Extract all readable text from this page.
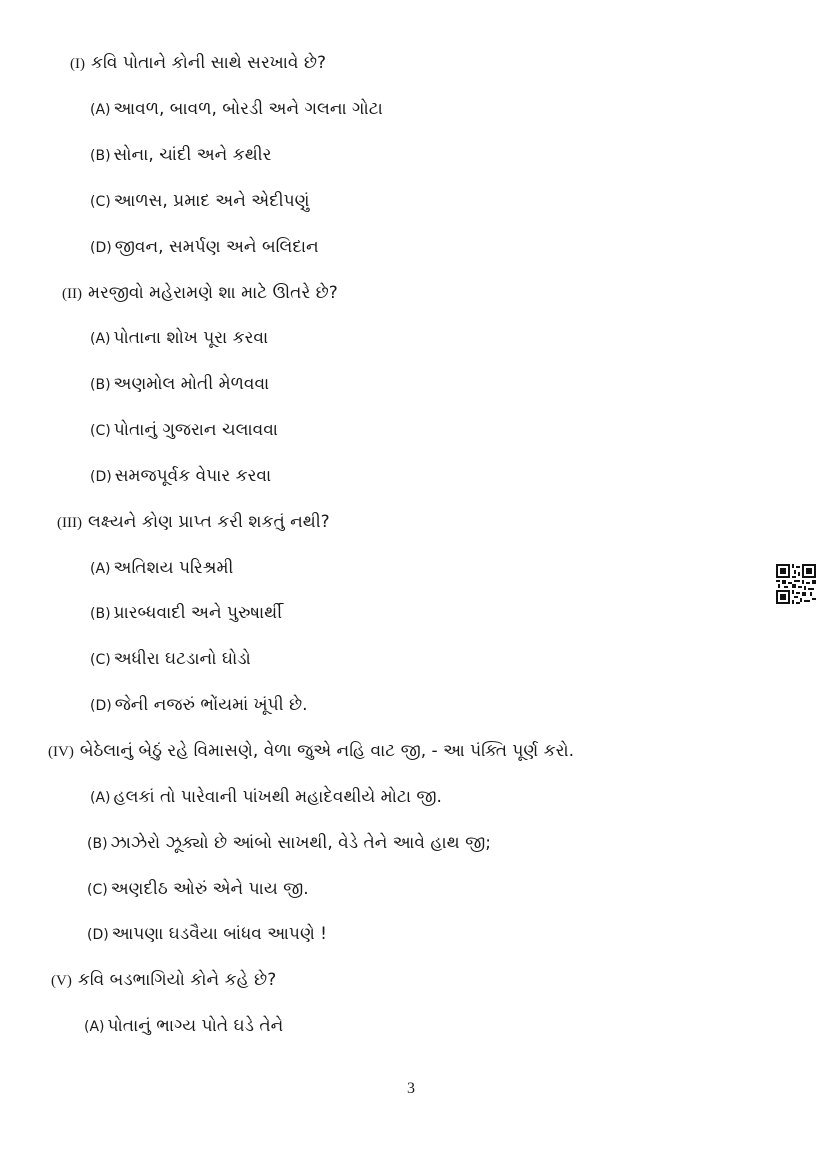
(I) કવિ પોતાને કોની સાથે સરખાવે છે?
(A) આવળ, બાવળ, બોરડી અને ગલના ગોટા
(B) સોના, ચાંદી અને કથીર
(C) આળસ, પ્રમાદ અને એદીપણું
(D) જીવન, સમર્પણ અને બલિદાન
(II) મરજીવો મહેરામણે શા માટે ઊતરે છે?
(A) પોતાના શોખ પૂરા કરવા
(B) અણમોલ મોતી મેળવવા
(C) પોતાનું ગુજરાન ચલાવવા
(D) સમજપૂર્વક વેપાર કરવા
(III) લક્ષ્યને કોણ પ્રાપ્ત કરી શકતું નથી?
(A) અતિશય પરિશ્રમી
(B) પ્રારબ્ધવાદી અને પુરુષાર્થી
(C) અધીરા ઘટડાનો ઘોડો
(D) જેની નજરું ભોંયમાં ખૂંપી છે.
(IV) બેઠેલાનું બેઠું રહે વિમાસણે, વેળા જુએ નહિ વાટ જી, - આ પંક્તિ પૂર્ણ કરો.
(A) હલકાં તો પારેવાની પાંખથી મહાદેવથીયે મોટા જી.
(B) ઝાઝેરો ઝૂક્યો છે આંબો સાખથી, વેડે તેને આવે હાથ જી;
(C) અણદીઠ ઓરું એને પાય જી.
(D) આપણા ઘડવૈયા બાંધવ આપણે !
(V) કવિ બડભાગિયો કોને કહે છે?
(A) પોતાનું ભાગ્ય પોતે ઘડે તેને
3
